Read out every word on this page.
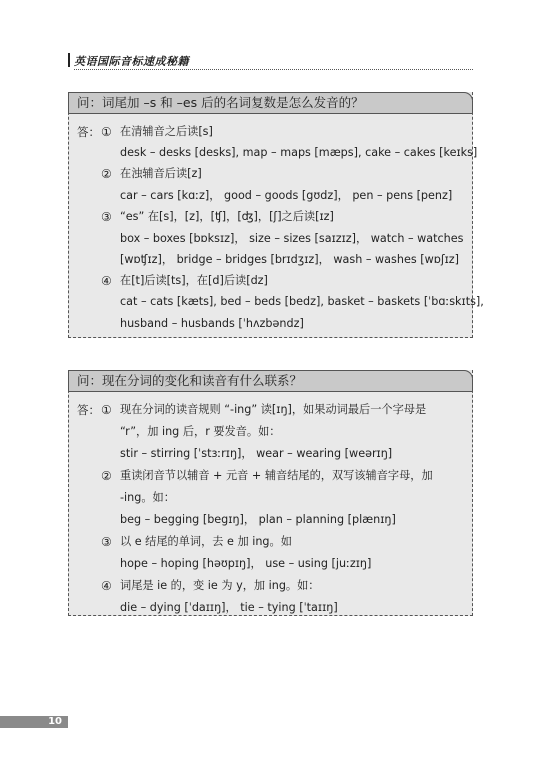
英语国际音标速成秘籍
问：词尾加 –s 和 –es 后的名词复数是怎么发音的？
答： ① 在清辅音之后读[s]
desk – desks [desks], map – maps [mæps], cake – cakes [keɪks]
② 在浊辅音后读[z]
car – cars [kɑːz]， good – goods [gʊdz]， pen – pens [penz]
③ “es” 在[s]，[z]，[ʧ]，[ʤ]，[ʃ]之后读[ɪz]
box – boxes [bɒksɪz]， size – sizes [saɪzɪz]， watch – watches
[wɒʧɪz]， bridge – bridges [brɪdʒɪz]， wash – washes [wɒʃɪz]
④ 在[t]后读[ts]，在[d]后读[dz]
cat – cats [kæts], bed – beds [bedz], basket – baskets [ˈbɑːskɪts],
husband – husbands [ˈhʌzbəndz]
问：现在分词的变化和读音有什么联系？
答： ① 现在分词的读音规则 “-ing” 读[ɪŋ]，如果动词最后一个字母是
“r”，加 ing 后，r 要发音。如：
stir – stirring [ˈstɜːrɪŋ]， wear – wearing [weərɪŋ]
② 重读闭音节以辅音 + 元音 + 辅音结尾的，双写该辅音字母，加
-ing。如：
beg – begging [begɪŋ]， plan – planning [plænɪŋ]
③ 以 e 结尾的单词，去 e 加 ing。如
hope – hoping [həʊpɪŋ]， use – using [juːzɪŋ]
④ 词尾是 ie 的，变 ie 为 y，加 ing。如：
die – dying [ˈdaɪɪŋ]， tie – tying [ˈtaɪɪŋ]
10
